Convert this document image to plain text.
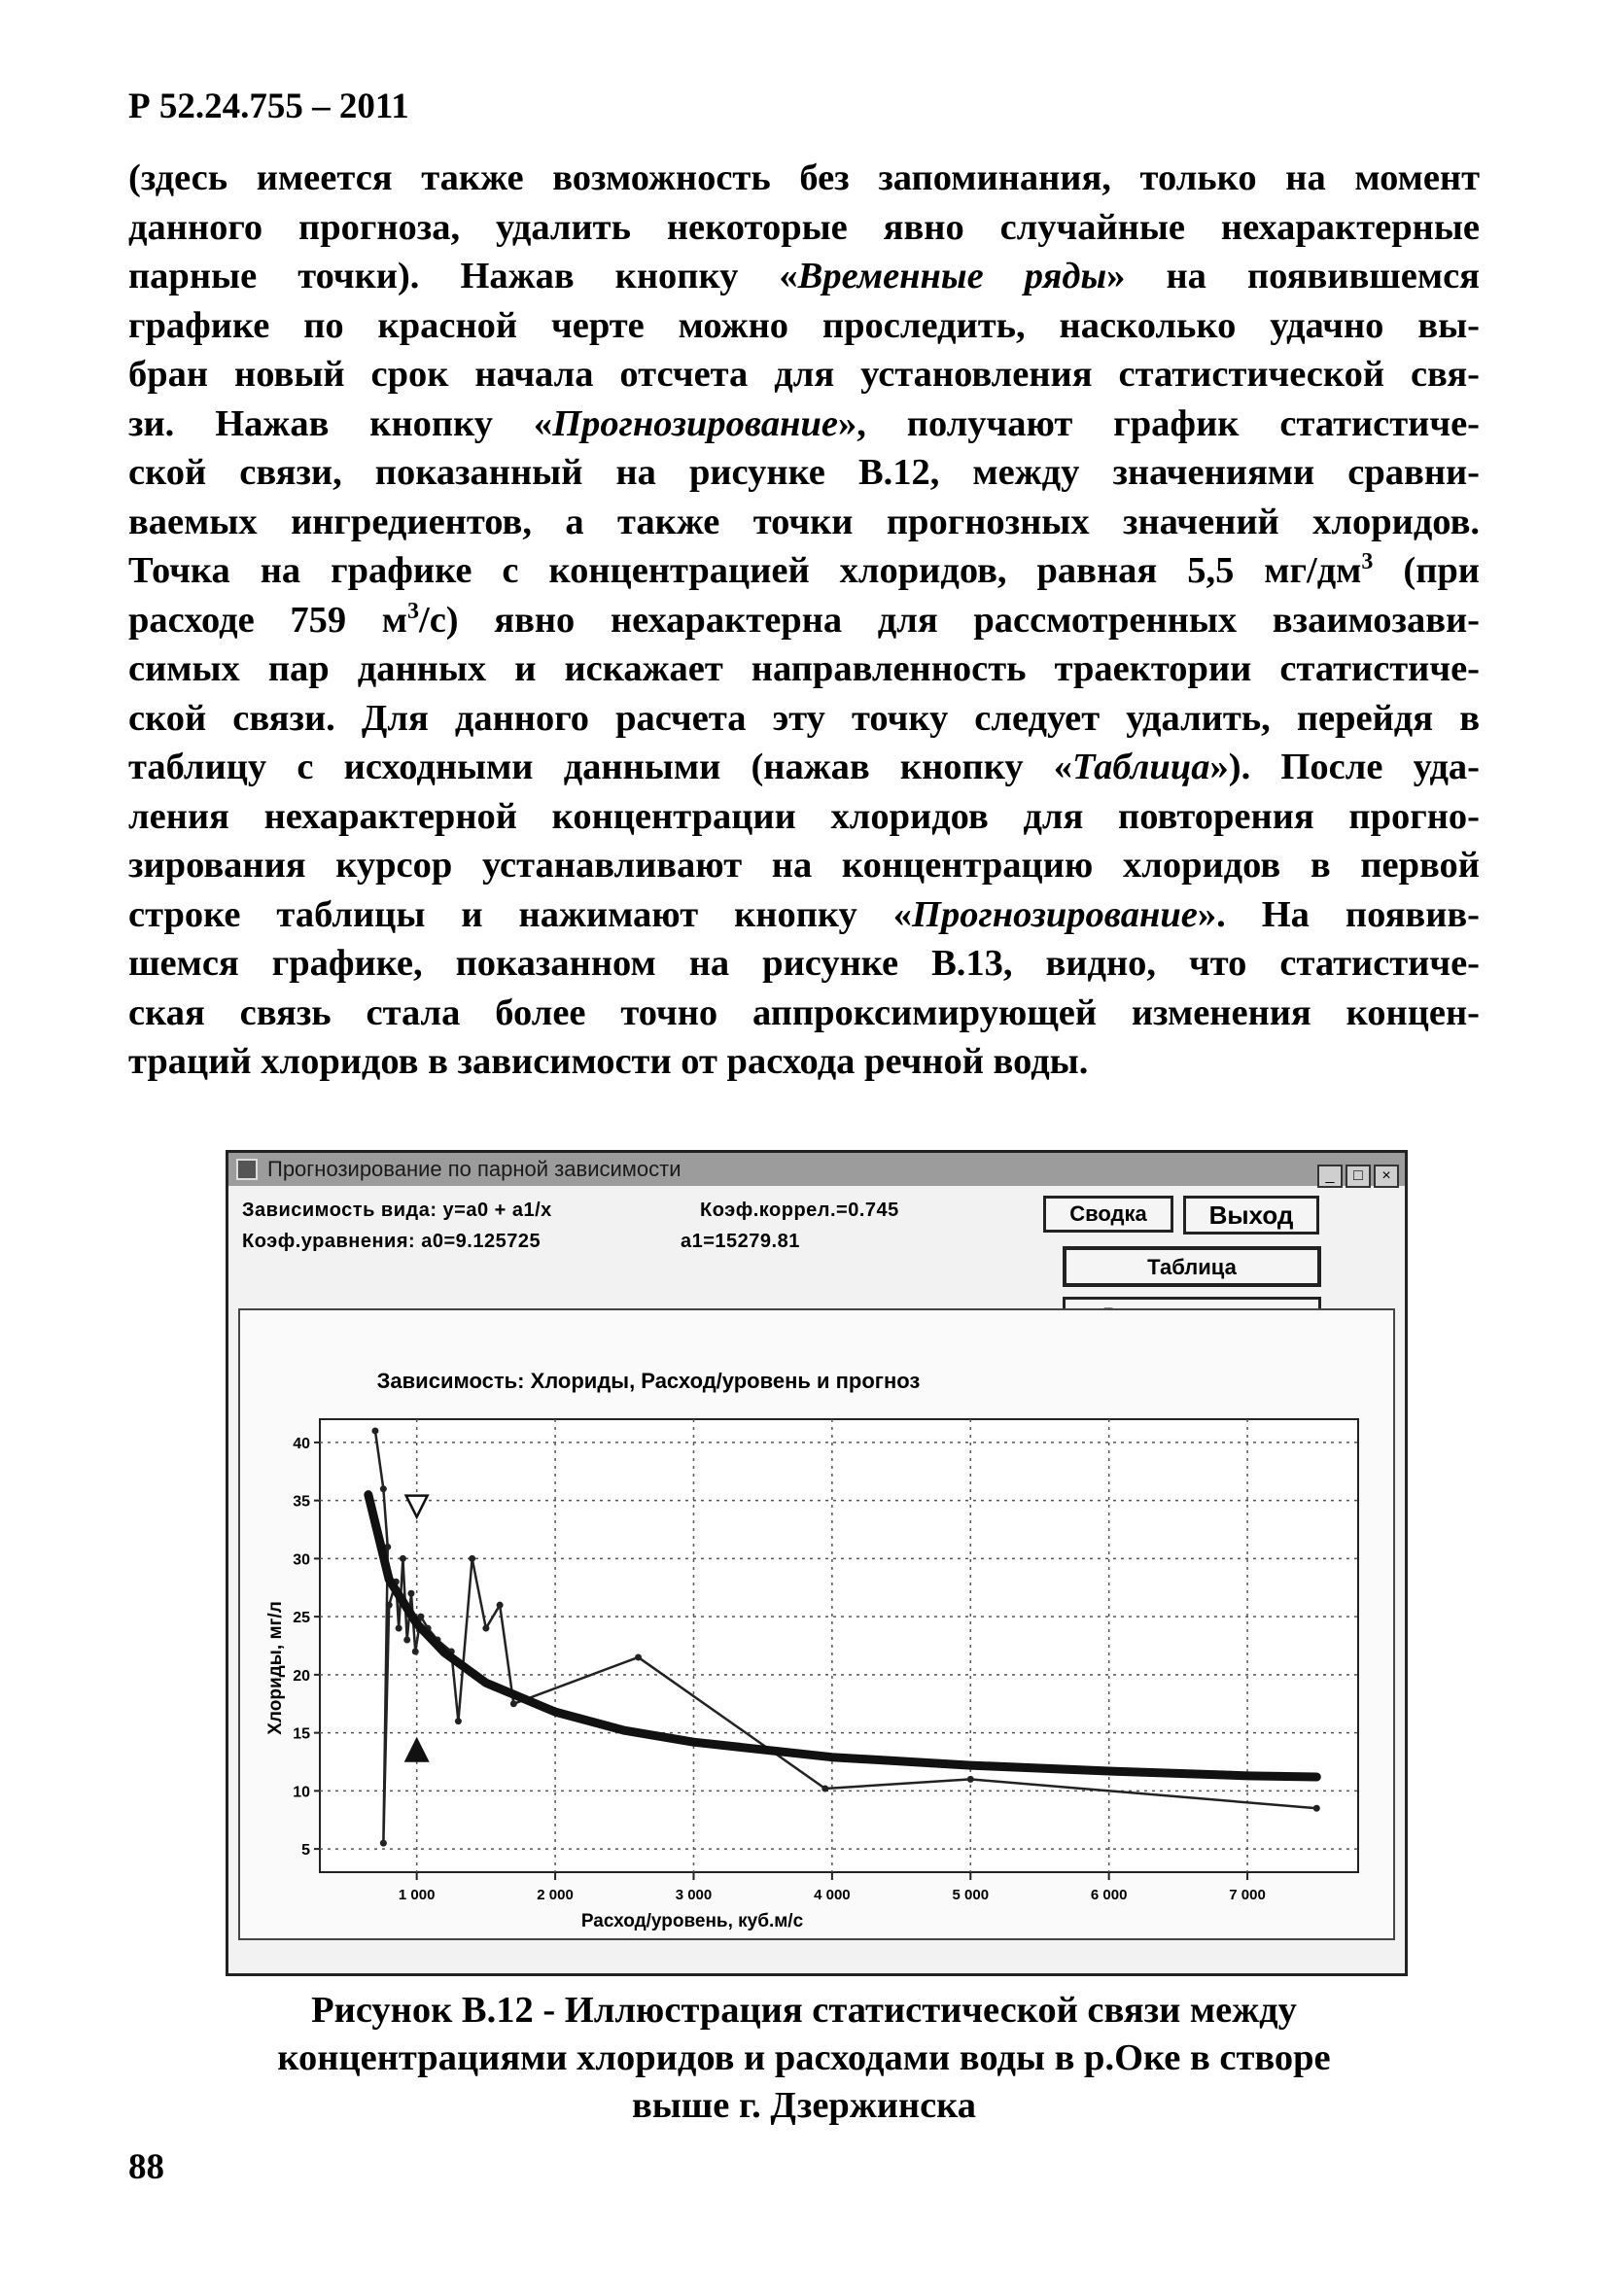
Р 52.24.755 – 2011

(здесь имеется также возможность без запоминания, только на момент
данного прогноза, удалить некоторые явно случайные нехарактерные
парные точки). Нажав кнопку «Временные ряды» на появившемся
графике по красной черте можно проследить, насколько удачно вы-
бран новый срок начала отсчета для установления статистической свя-
зи. Нажав кнопку «Прогнозирование», получают график статистиче-
ской связи, показанный на рисунке В.12, между значениями сравни-
ваемых ингредиентов, а также точки прогнозных значений хлоридов.
Точка на графике с концентрацией хлоридов, равная 5,5 $мг/дм^3$ (при
расходе 759 $м^3/с$) явно нехарактерна для рассмотренных взаимозави-
симых пар данных и искажает направленность траектории статистиче-
ской связи. Для данного расчета эту точку следует удалить, перейдя в
таблицу с исходными данными (нажав кнопку «Таблица»). После уда-
ления нехарактерной концентрации хлоридов для повторения прогно-
зирования курсор устанавливают на концентрацию хлоридов в первой
строке таблицы и нажимают кнопку «Прогнозирование». На появив-
шемся графике, показанном на рисунке В.13, видно, что статистиче-
ская связь стала более точно аппроксимирующей изменения концен-
траций хлоридов в зависимости от расхода речной воды.

Прогнозирование по парной зависимости	_ □ ×
Зависимость вида: y=a0 + a1/x	Коэф.коррел.=0.745
Коэф.уравнения: a0=9.125725	a1=15279.81
Сводка	Выход
Таблица
5
10
15
20
25
30
35
40
1 000	2 000	3 000	4 000	5 000	6 000	7 000
Зависимость: Хлориды, Расход/уровень и прогноз
Расход/уровень, куб.м/с
Хлориды, мг/л
Рисунок В.12 - Иллюстрация статистической связи между
концентрациями хлоридов и расходами воды в р.Оке в створе
выше г. Дзержинска
88
